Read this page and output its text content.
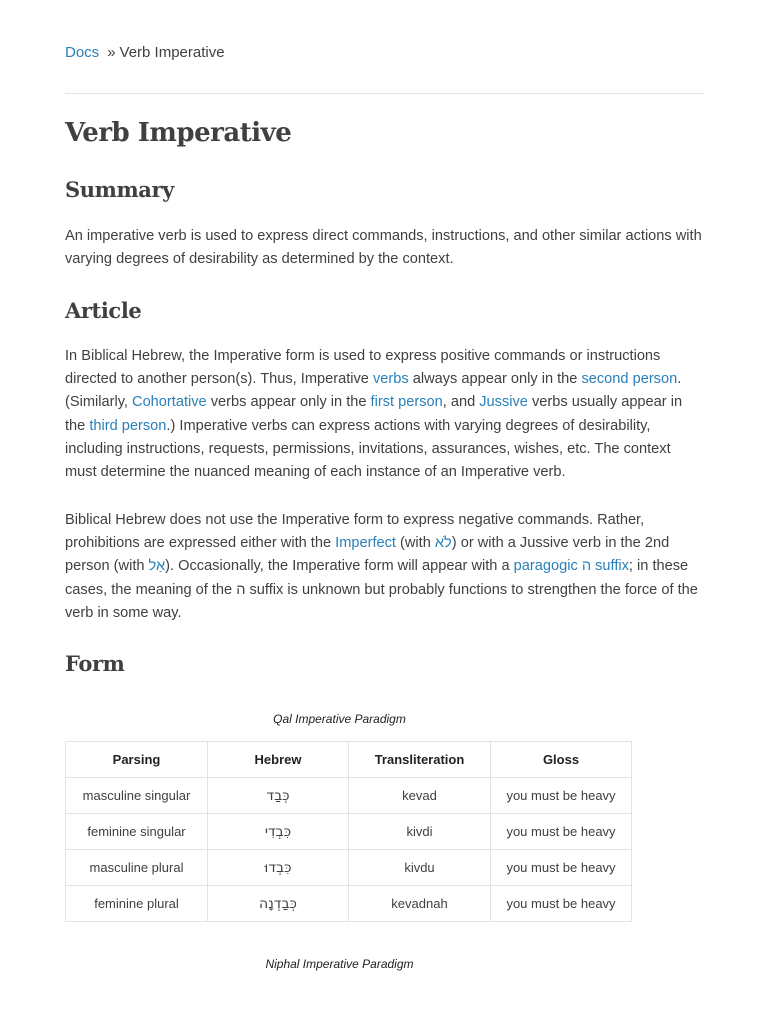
Docs » Verb Imperative
Verb Imperative
Summary

An imperative verb is used to express direct commands, instructions, and other similar actions with varying degrees of desirability as determined by the context.

Article

In Biblical Hebrew, the Imperative form is used to express positive commands or instructions directed to another person(s). Thus, Imperative verbs always appear only in the second person. (Similarly, Cohortative verbs appear only in the first person, and Jussive verbs usually appear in the third person.) Imperative verbs can express actions with varying degrees of desirability, including instructions, requests, permissions, invitations, assurances, wishes, etc. The context must determine the nuanced meaning of each instance of an Imperative verb.

Biblical Hebrew does not use the Imperative form to express negative commands. Rather, prohibitions are expressed either with the Imperfect (with לֹא) or with a Jussive verb in the 2nd person (with אַל). Occasionally, the Imperative form will appear with a paragogic ה suffix; in these cases, the meaning of the ה suffix is unknown but probably functions to strengthen the force of the verb in some way.

Form
Qal Imperative Paradigm
Parsing	Hebrew	Transliteration	Gloss
masculine singular	כְּבַד	kevad	you must be heavy
feminine singular	כִּבְדִי	kivdi	you must be heavy
masculine plural	כִּבְדוּ	kivdu	you must be heavy
feminine plural	כְּבַדְנָה	kevadnah	you must be heavy
Niphal Imperative Paradigm
